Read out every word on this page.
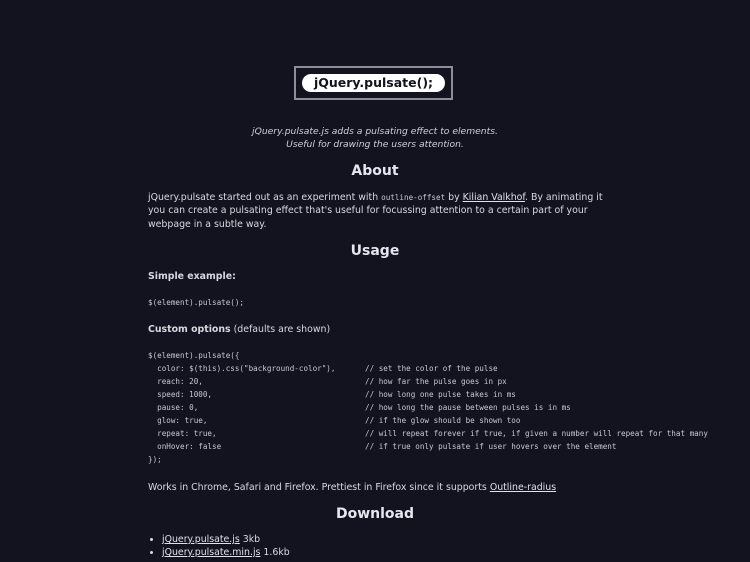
jQuery.pulsate();
jQuery.pulsate.js adds a pulsating effect to elements.
Useful for drawing the users attention.
About

jQuery.pulsate started out as an experiment with outline-offset by Kilian Valkhof. By animating it
you can create a pulsating effect that's useful for focussing attention to a certain part of your
webpage in a subtle way.

Usage
Simple example:
$(element).pulsate();
Custom options (defaults are shown)
$(element).pulsate({
color: $(this).css("background-color"),	// set the color of the pulse
reach: 20,	// how far the pulse goes in px
speed: 1000,	// how long one pulse takes in ms
pause: 0,	// how long the pause between pulses is in ms
glow: true,	// if the glow should be shown too
repeat: true,	// will repeat forever if true, if given a number will repeat for that many
onHover: false	// if true only pulsate if user hovers over the element
});
Works in Chrome, Safari and Firefox. Prettiest in Firefox since it supports Outline-radius
Download
• jQuery.pulsate.js 3kb
• jQuery.pulsate.min.js 1.6kb
